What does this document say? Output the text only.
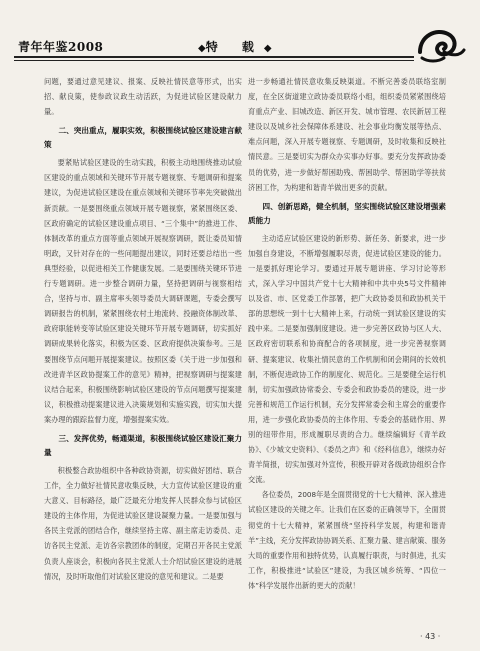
青年年鉴2008	◆特 载◆

问题，要通过意见建议、报案、反映社情民意等形式，出实招、献良策，使参政议政生动活跃，为促进试验区建设献力量。

二、突出重点，履职实效，积极围绕试验区建设建言献策

要紧贴试验区建设的生动实践，积极主动地围绕推动试验区建设的重点领域和关键环节开展专题视察、专题调研和提案建议，为促进试验区建设在重点领域和关键环节率先突破做出新贡献。一是要围绕重点领域开展专题视察，紧紧围绕区委、区政府确定的试验区建设重点项目、“三个集中”的推进工作、体制改革的重点方面等重点领域开展视察调研，既让委员知情明政，又针对存在的一些问题提出建议，同时还要总结出一些典型经验，以促进相关工作健康发展。二是要围绕关键环节进行专题调研。进一步整合调研力量，坚持把调研与视察相结合，坚持与市、副主席率头领导委员大调研课题，专委会撰写调研报告的机制，紧紧围绕农村土地流转、投融资体制改革、政府职能转变等试验区建设关键环节开展专题调研，切实抓好调研成果转化落实，积极为区委、区政府提供决策参考。三是要围绕节点问题开展提案建议。按照区委《关于进一步加强和改进青羊区政协提案工作的意见》精神，把视察调研与提案建议结合起来，积极围绕影响试验区建设的节点问题撰写提案建议，积极推动提案建议进入决策规划和实施实践，切实加大提案办理的跟踪监督力度，增强提案实效。

三、发挥优势，畅通渠道，积极围绕试验区建设汇聚力量

积极整合政协组织中各种政协资源，切实做好团结、联合工作，全力做好社情民意收集反映，大力宣传试验区建设的重大意义、目标路径，最广泛最充分地发挥人民群众参与试验区建设的主体作用，为促进试验区建设凝聚力量。一是要加强与各民主党派的团结合作，继续坚持主席、副主席走访委员、走访各民主党派、走访各宗教团体的制度，定期召开各民主党派负责人座谈会，积极向各民主党派人士介绍试验区建设的进展情况，及时听取他们对试验区建设的意见和建议。二是要

进一步畅通社情民意收集反映渠道。不断完善委员联络室制度，在全区街道建立政协委员联络小组，组织委员紧紧围绕培育重点产业、旧城改造、新区开发、城市管理、农民新居工程建设以及城乡社会保障体系建设、社会事业均衡发展等热点、难点问题，深入开展专题视察、专题调研，及时收集和反映社情民意。三是要切实为群众办实事办好事。要充分发挥政协委员的优势，进一步做好帮困助残、帮困助学、帮困助学等扶贫济困工作，为构建和谐青羊做出更多的贡献。

四、创新思路，健全机制，坚实围绕试验区建设增强素质能力

主动适应试验区建设的新形势、新任务、新要求，进一步加强自身建设，不断增强履职尽责，促进试验区建设的能力。一是要抓好理论学习。要通过开展专题讲座、学习讨论等形式，深入学习中国共产党十七大精神和中共中央5号文件精神以及省、市、区党委工作部署，把广大政协委员和政协机关干部的思想统一到十七大精神上来，行动统一到试验区建设的实践中来。二是要加强制度建设。进一步完善区政协与区人大、区政府密切联系和协商配合的各项制度，进一步完善视察调研、提案建议、收集社情民意的工作机制和闭会期间的长效机制，不断促进政协工作的制度化、规范化。三是要健全运行机制，切实加强政协常委会、专委会和政协委员的建设，进一步完善和规范工作运行机制，充分发挥常委会和主席会的重要作用，进一步强化政协委员的主体作用、专委会的基础作用、界别的纽带作用，形成履职尽责的合力。继续编辑好《青羊政协》、《少城文史资料》、《委员之声》和《经科信息》，继续办好青羊简报，切实加强对外宣传，积极开辟对各级政协组织合作交流。

各位委员，2008年是全面贯彻党的十七大精神、深入推进试验区建设的关键之年。让我们在区委的正确领导下，全面贯彻党的十七大精神，紧紧围绕“坚持科学发展，构建和谐青羊”主线，充分发挥政协协调关系、汇聚力量、建言献策、服务大局的重要作用和独特优势，认真履行职责，与时俱进，扎实工作，积极推进“试验区”建设，为我区城乡统筹、“四位一体”科学发展作出新的更大的贡献！

· 43 ·
